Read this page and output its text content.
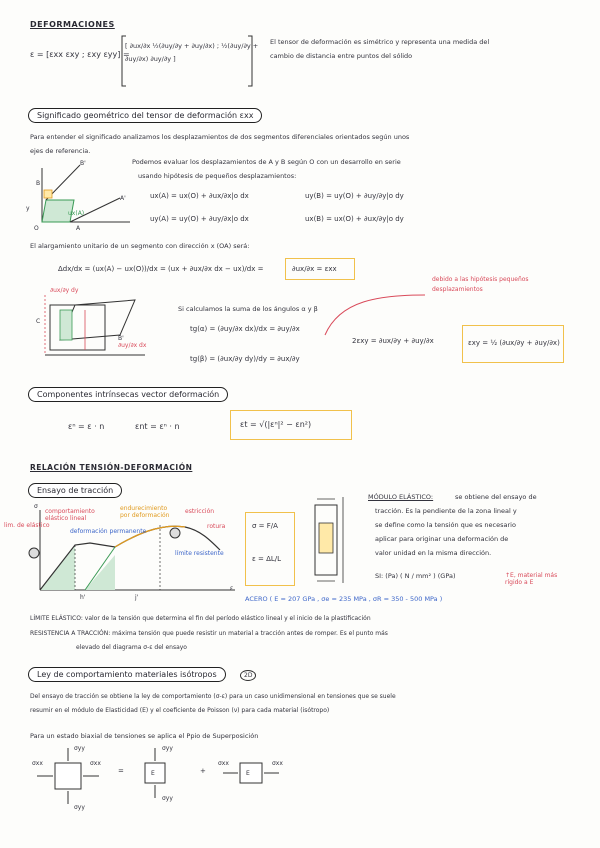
DEFORMACIONES
ε = [εxx εxy ; εxy εyy] =
[ ∂ux/∂x ½(∂uy/∂y + ∂uy/∂x) ; ½(∂uy/∂y + ∂uy/∂x) ∂uy/∂y ]
El tensor de deformación es simétrico y representa una medida del
cambio de distancia entre puntos del sólido
Significado geométrico del tensor de deformación εxx
Para entender el significado analizamos los desplazamientos de dos segmentos diferenciales orientados según unos
ejes de referencia.
B
B'
A'
y
O	A
ux(A)
Podemos evaluar los desplazamientos de A y B según O con un desarrollo en serie
usando hipótesis de pequeños desplazamientos:
ux(A) = ux(O) + ∂ux/∂x|o dx	uy(B) = uy(O) + ∂uy/∂y|o dy
uy(A) = uy(O) + ∂uy/∂x|o dx	ux(B) = ux(O) + ∂ux/∂y|o dy
El alargamiento unitario de un segmento con dirección x (OA) será:
Δdx/dx = (ux(A) − ux(O))/dx = (ux + ∂ux/∂x dx − ux)/dx =	∂ux/∂x = εxx
∂ux/∂y dy
∂uy/∂x dx
C
B'
Si calculamos la suma de los ángulos α y β
tg(α) = (∂uy/∂x dx)/dx = ∂uy/∂x
tg(β) = (∂ux/∂y dy)/dy = ∂ux/∂y
debido a las hipótesis pequeños
desplazamientos
2εxy = ∂ux/∂y + ∂uy/∂x	εxy = ½ (∂ux/∂y + ∂uy/∂x)
Componentes intrínsecas vector deformación
εⁿ = ε · n	εnt = εⁿ · n	εt = √(|εⁿ|² − εn²)
RELACIÓN TENSIÓN-DEFORMACIÓN
Ensayo de tracción
lim. de elástico
comportamiento elástico lineal
deformación permanente
endurecimiento por deformación
estricción
rotura
límite resistente
σ
ε
h'	j'
σ = F/A
ε = ΔL/L
MÓDULO ELÁSTICO:	se obtiene del ensayo de
tracción. Es la pendiente de la zona lineal y
se define como la tensión que es necesario
aplicar para originar una deformación de
valor unidad en la misma dirección.
SI: (Pa) ( N / mm² ) (GPa)	↑E, material más rígido a E
ACERO ( E = 207 GPa , σe = 235 MPa , σR = 350 - 500 MPa )
LÍMITE ELÁSTICO: valor de la tensión que determina el fin del período elástico lineal y el inicio de la plastificación
RESISTENCIA A TRACCIÓN: máxima tensión que puede resistir un material a tracción antes de romper. Es el punto más
elevado del diagrama σ-ε del ensayo
Ley de comportamiento materiales isótropos	2D
Del ensayo de tracción se obtiene la ley de comportamiento (σ-ε) para un caso unidimensional en tensiones que se suele
resumir en el módulo de Elasticidad (E) y el coeficiente de Poisson (ν) para cada material (isótropo)
Para un estado biaxial de tensiones se aplica el Ppio de Superposición
σxx	σxx
σyy
σyy
=	E
σyy
σyy
+	E
σxx	σxx
